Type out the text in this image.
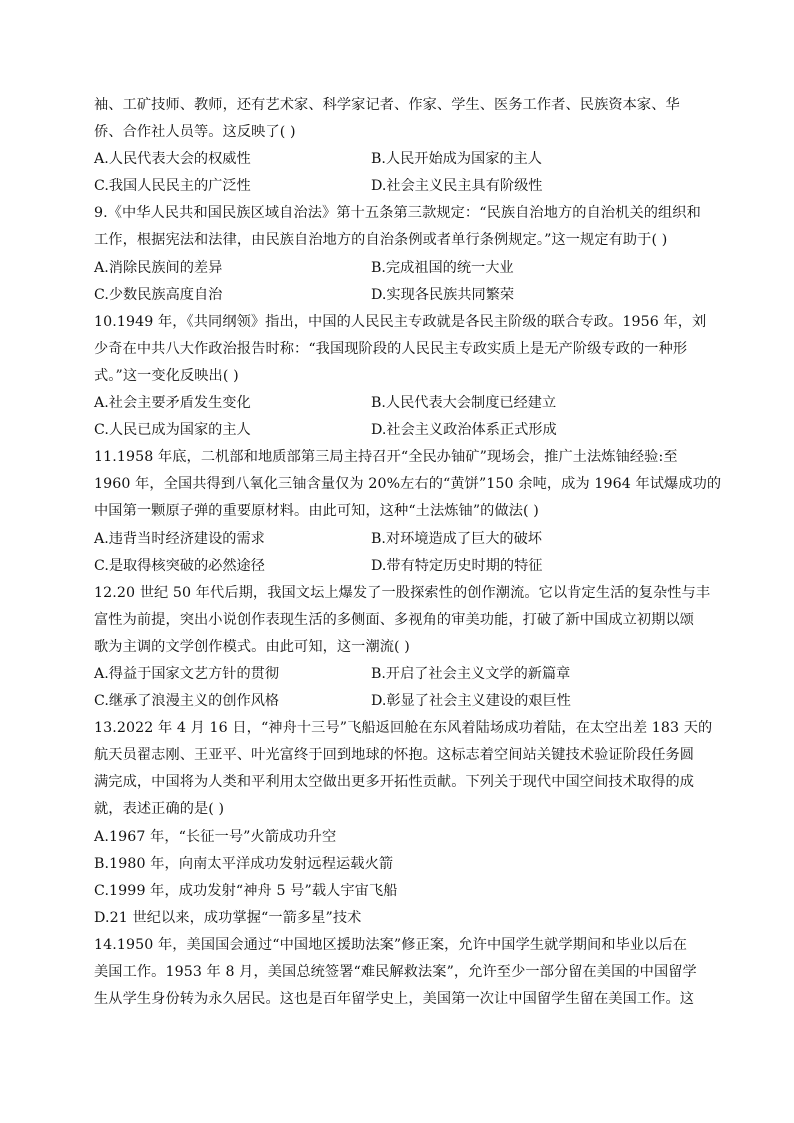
袖、工矿技师、教师，还有艺术家、科学家记者、作家、学生、医务工作者、民族资本家、华
侨、合作社人员等。这反映了( )
A.人民代表大会的权威性	B.人民开始成为国家的主人
C.我国人民民主的广泛性	D.社会主义民主具有阶级性
9.《中华人民共和国民族区域自治法》第十五条第三款规定：“民族自治地方的自治机关的组织和
工作，根据宪法和法律，由民族自治地方的自治条例或者单行条例规定。”这一规定有助于( )
A.消除民族间的差异	B.完成祖国的统一大业
C.少数民族高度自治	D.实现各民族共同繁荣
10.1949 年，《共同纲领》指出，中国的人民民主专政就是各民主阶级的联合专政。1956 年，刘
少奇在中共八大作政治报告时称：“我国现阶段的人民民主专政实质上是无产阶级专政的一种形
式。”这一变化反映出( )
A.社会主要矛盾发生变化	B.人民代表大会制度已经建立
C.人民已成为国家的主人	D.社会主义政治体系正式形成
11.1958 年底，二机部和地质部第三局主持召开“全民办铀矿”现场会，推广土法炼铀经验:至
1960 年，全国共得到八氧化三铀含量仅为 20%左右的“黄饼”150 余吨，成为 1964 年试爆成功的
中国第一颗原子弹的重要原材料。由此可知，这种“土法炼铀”的做法( )
A.违背当时经济建设的需求	B.对环境造成了巨大的破坏
C.是取得核突破的必然途径	D.带有特定历史时期的特征
12.20 世纪 50 年代后期，我国文坛上爆发了一股探索性的创作潮流。它以肯定生活的复杂性与丰
富性为前提，突出小说创作表现生活的多侧面、多视角的审美功能，打破了新中国成立初期以颂
歌为主调的文学创作模式。由此可知，这一潮流( )
A.得益于国家文艺方针的贯彻	B.开启了社会主义文学的新篇章
C.继承了浪漫主义的创作风格	D.彰显了社会主义建设的艰巨性
13.2022 年 4 月 16 日，“神舟十三号”飞船返回舱在东风着陆场成功着陆，在太空出差 183 天的
航天员翟志刚、王亚平、叶光富终于回到地球的怀抱。这标志着空间站关键技术验证阶段任务圆
满完成，中国将为人类和平利用太空做出更多开拓性贡献。下列关于现代中国空间技术取得的成
就，表述正确的是( )
A.1967 年，“长征一号”火箭成功升空
B.1980 年，向南太平洋成功发射远程运载火箭
C.1999 年，成功发射“神舟 5 号”载人宇宙飞船
D.21 世纪以来，成功掌握“一箭多星”技术
14.1950 年，美国国会通过“中国地区援助法案”修正案，允许中国学生就学期间和毕业以后在
美国工作。1953 年 8 月，美国总统签署“难民解救法案”，允许至少一部分留在美国的中国留学
生从学生身份转为永久居民。这也是百年留学史上，美国第一次让中国留学生留在美国工作。这
